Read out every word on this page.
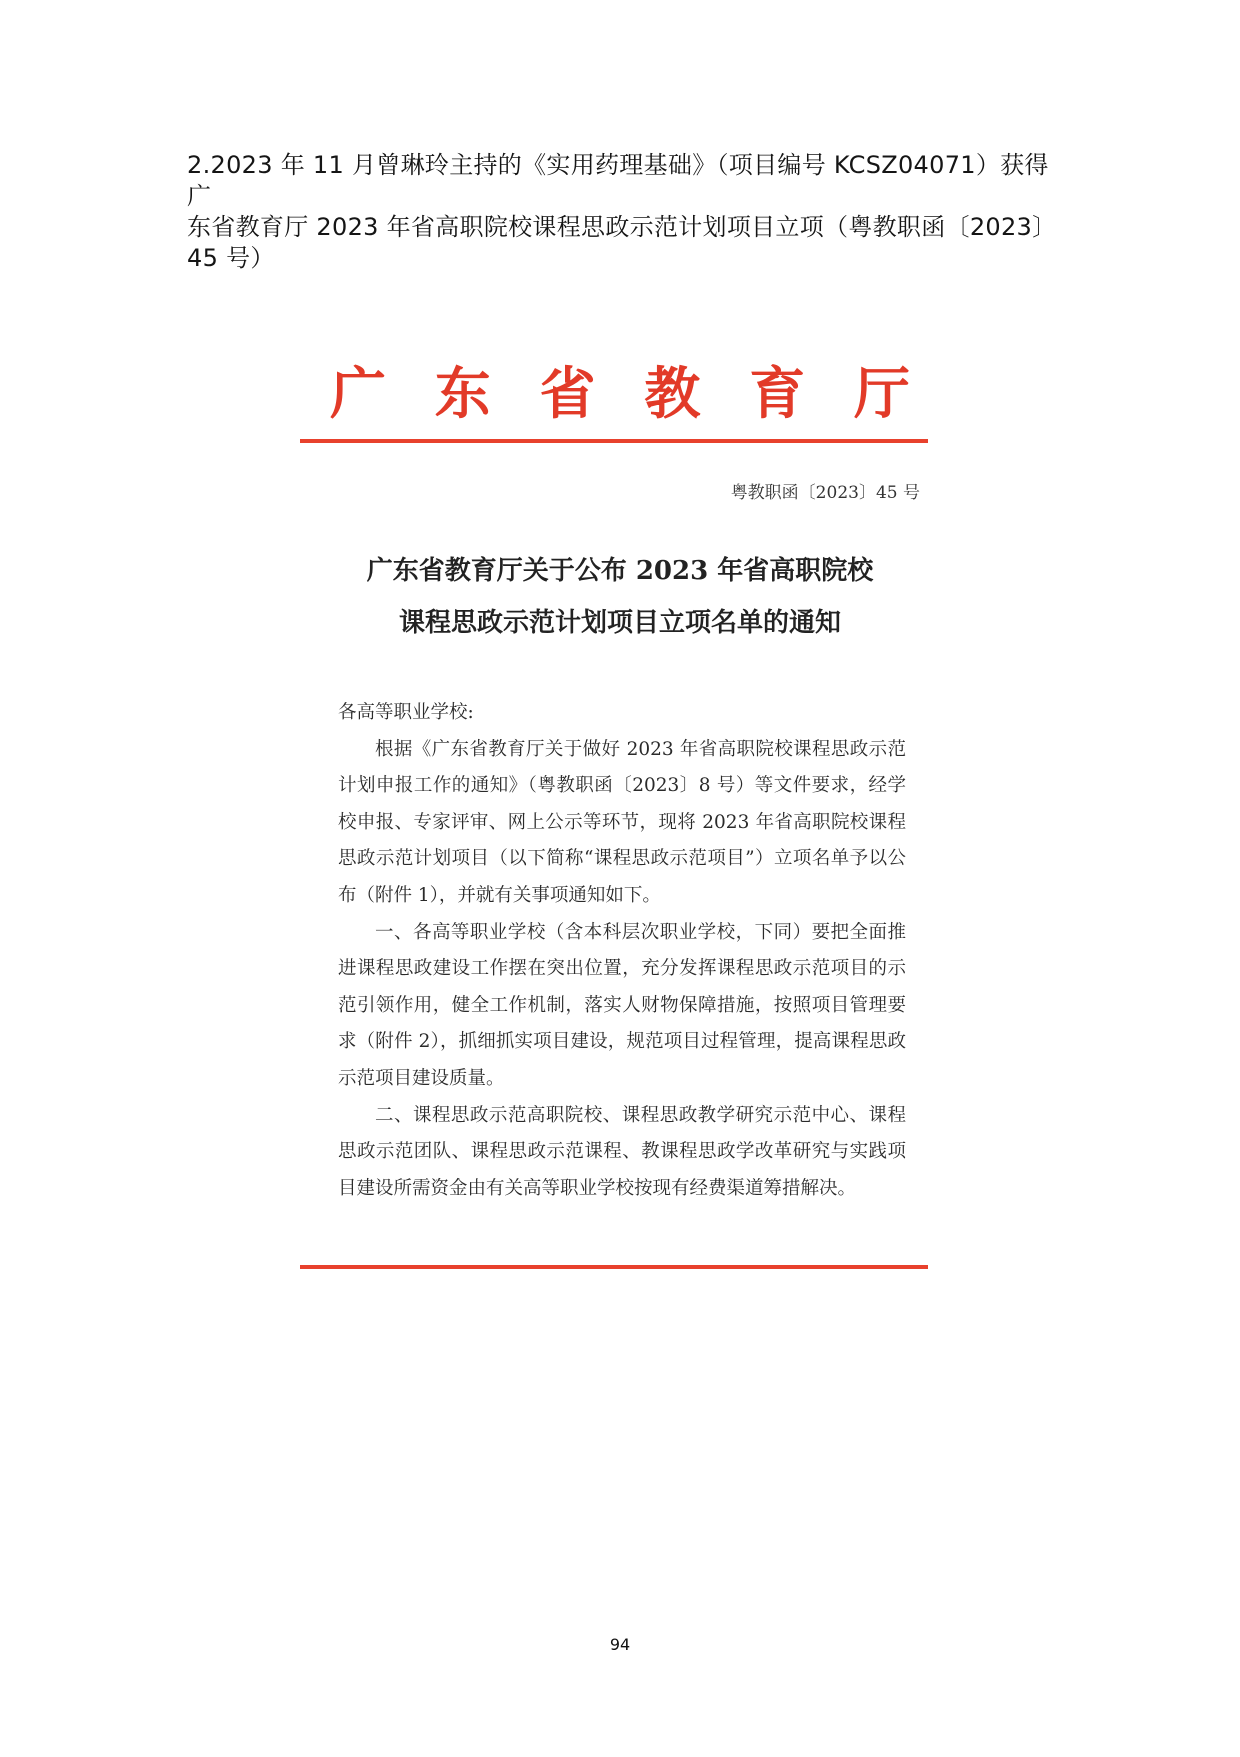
2.2023 年 11 月曾琳玲主持的《实用药理基础》（项目编号 KCSZ04071）获得广
东省教育厅 2023 年省高职院校课程思政示范计划项目立项（粤教职函〔2023〕
45 号）
广 东 省 教 育 厅
粤教职函〔2023〕45 号
广东省教育厅关于公布 2023 年省高职院校
课程思政示范计划项目立项名单的通知

各高等职业学校:

根据《广东省教育厅关于做好 2023 年省高职院校课程思政示范计划申报工作的通知》（粤教职函〔2023〕8 号）等文件要求，经学校申报、专家评审、网上公示等环节，现将 2023 年省高职院校课程思政示范计划项目（以下简称“课程思政示范项目”）立项名单予以公布（附件 1），并就有关事项通知如下。

一、各高等职业学校（含本科层次职业学校，下同）要把全面推进课程思政建设工作摆在突出位置，充分发挥课程思政示范项目的示范引领作用，健全工作机制，落实人财物保障措施，按照项目管理要求（附件 2），抓细抓实项目建设，规范项目过程管理，提高课程思政示范项目建设质量。

二、课程思政示范高职院校、课程思政教学研究示范中心、课程思政示范团队、课程思政示范课程、教课程思政学改革研究与实践项目建设所需资金由有关高等职业学校按现有经费渠道筹措解决。

94
